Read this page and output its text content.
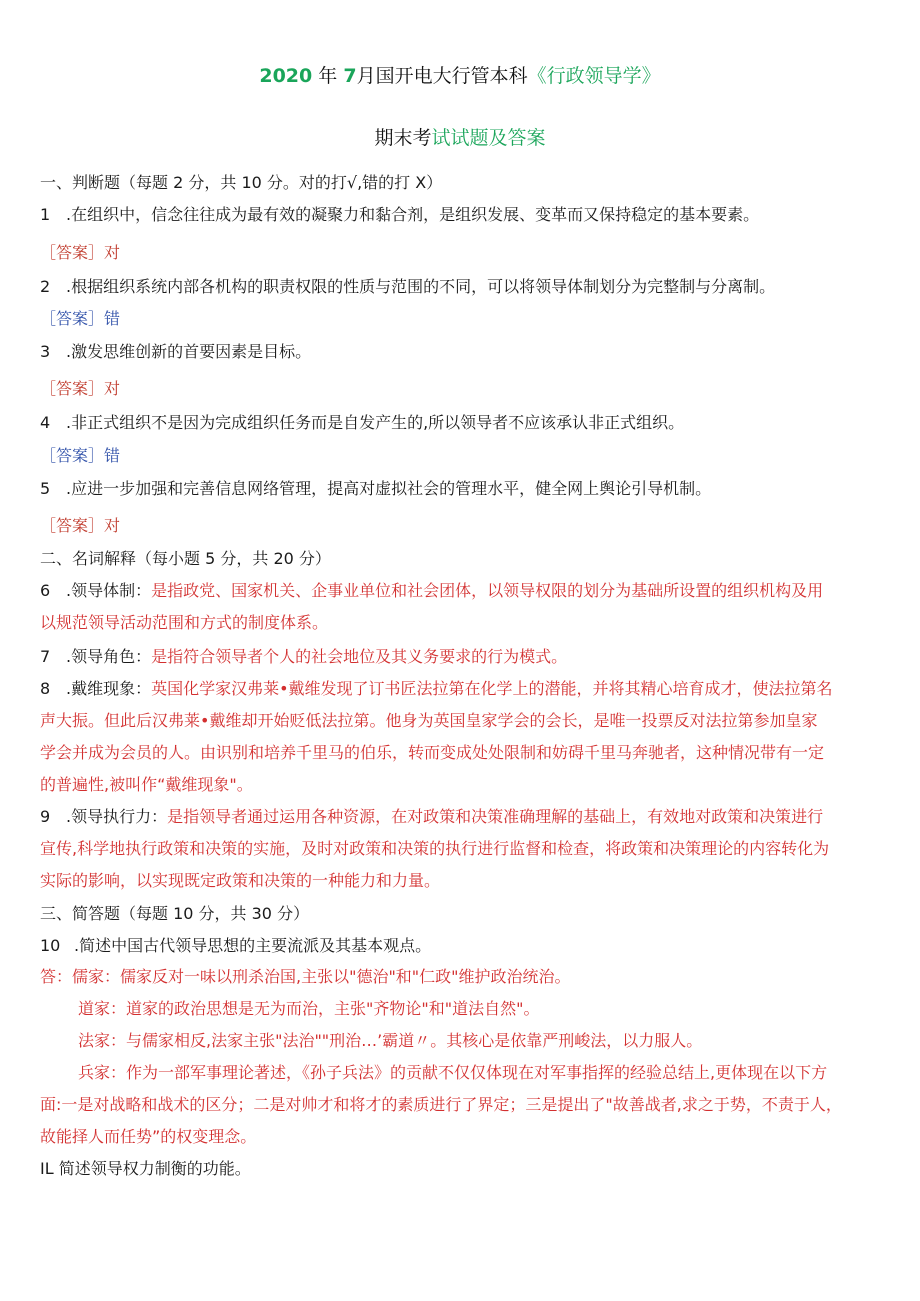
2020 年 7月国开电大行管本科《行政领导学》
期末考试试题及答案
一、判断题（每题 2 分，共 10 分。对的打√,错的打 X）
1 .在组织中，信念往往成为最有效的凝聚力和黏合剂，是组织发展、变革而又保持稳定的基本要素。
［答案］对
2 .根据组织系统内部各机构的职责权限的性质与范围的不同，可以将领导体制划分为完整制与分离制。
［答案］错
3 .激发思维创新的首要因素是目标。
［答案］对
4 .非正式组织不是因为完成组织任务而是自发产生的,所以领导者不应该承认非正式组织。
［答案］错
5 .应进一步加强和完善信息网络管理，提高对虚拟社会的管理水平，健全网上舆论引导机制。
［答案］对
二、名词解释（每小题 5 分，共 20 分）
6 .领导体制：是指政党、国家机关、企事业单位和社会团体，以领导权限的划分为基础所设置的组织机构及用
以规范领导活动范围和方式的制度体系。
7 .领导角色：是指符合领导者个人的社会地位及其义务要求的行为模式。
8 .戴维现象：英国化学家汉弗莱•戴维发现了订书匠法拉第在化学上的潜能，并将其精心培育成才，使法拉第名
声大振。但此后汉弗莱•戴维却开始贬低法拉第。他身为英国皇家学会的会长，是唯一投票反对法拉第参加皇家
学会并成为会员的人。由识别和培养千里马的伯乐，转而变成处处限制和妨碍千里马奔驰者，这种情况带有一定
的普遍性,被叫作“戴维现象"。
9 .领导执行力：是指领导者通过运用各种资源，在对政策和决策准确理解的基础上，有效地对政策和决策进行
宣传,科学地执行政策和决策的实施，及时对政策和决策的执行进行监督和检查，将政策和决策理论的内容转化为
实际的影响，以实现既定政策和决策的一种能力和力量。
三、简答题（每题 10 分，共 30 分）
10 .简述中国古代领导思想的主要流派及其基本观点。
答：儒家：儒家反对一味以刑杀治国,主张以"德治"和"仁政"维护政治统治。
道家：道家的政治思想是无为而治，主张"齐物论"和"道法自然"。
法家：与儒家相反,法家主张"法治""刑治…’霸道〃。其核心是依靠严刑峻法，以力服人。
兵家：作为一部军事理论著述，《孙子兵法》的贡献不仅仅体现在对军事指挥的经验总结上,更体现在以下方
面:一是对战略和战术的区分；二是对帅才和将才的素质进行了界定；三是提出了"故善战者,求之于势，不责于人，
故能择人而任势”的权变理念。
IL 简述领导权力制衡的功能。
